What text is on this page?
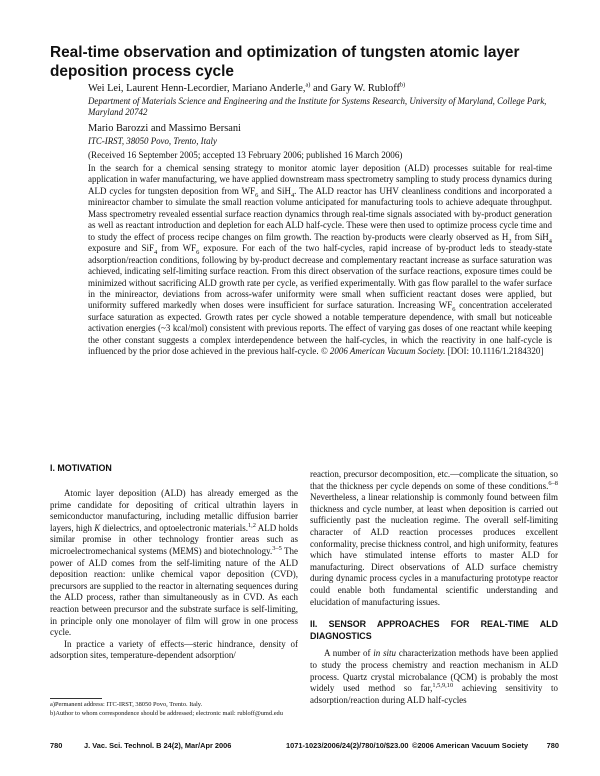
Real-time observation and optimization of tungsten atomic layer deposition process cycle
Wei Lei, Laurent Henn-Lecordier, Mariano Anderle,$^{a)}$ and Gary W. Rubloff$^{b)}$
Department of Materials Science and Engineering and the Institute for Systems Research, University of Maryland, College Park, Maryland 20742
Mario Barozzi and Massimo Bersani
ITC-IRST, 38050 Povo, Trento, Italy
(Received 16 September 2005; accepted 13 February 2006; published 16 March 2006)

In the search for a chemical sensing strategy to monitor atomic layer deposition (ALD) processes suitable for real-time application in wafer manufacturing, we have applied downstream mass spectrometry sampling to study process dynamics during ALD cycles for tungsten deposition from $WF_6$ and SiH$_4$. The ALD reactor has UHV cleanliness conditions and incorporated a minireactor chamber to simulate the small reaction volume anticipated for manufacturing tools to achieve adequate throughput. Mass spectrometry revealed essential surface reaction dynamics through real-time signals associated with by-product generation as well as reactant introduction and depletion for each ALD half-cycle. These were then used to optimize process cycle time and to study the effect of process recipe changes on film growth. The reaction by-products were clearly observed as $H_2$ from SiH$_4$ exposure and SiF$_4$ from $WF_6$ exposure. For each of the two half-cycles, rapid increase of by-product leds to steady-state adsorption/reaction conditions, following by by-product decrease and complementary reactant increase as surface saturation was achieved, indicating self-limiting surface reaction. From this direct observation of the surface reactions, exposure times could be minimized without sacrificing ALD growth rate per cycle, as verified experimentally. With gas flow parallel to the wafer surface in the minireactor, deviations from across-wafer uniformity were small when sufficient reactant doses were applied, but uniformity suffered markedly when doses were insufficient for surface saturation. Increasing $WF_6$ concentration accelerated surface saturation as expected. Growth rates per cycle showed a notable temperature dependence, with small but noticeable activation energies (~3 kcal/mol) consistent with previous reports. The effect of varying gas doses of one reactant while keeping the other constant suggests a complex interdependence between the half-cycles, in which the reactivity in one half-cycle is influenced by the prior dose achieved in the previous half-cycle. © 2006 American Vacuum Society. [DOI: 10.1116/1.2184320]

I. MOTIVATION

Atomic layer deposition (ALD) has already emerged as the prime candidate for depositing of critical ultrathin layers in semiconductor manufacturing, including metallic diffusion barrier layers, high K dielectrics, and optoelectronic materials.$^{1,2}$ ALD holds similar promise in other technology frontier areas such as microelectromechanical systems (MEMS) and biotechnology.$^{3-5}$ The power of ALD comes from the self-limiting nature of the ALD deposition reaction: unlike chemical vapor deposition (CVD), precursors are supplied to the reactor in alternating sequences during the ALD process, rather than simultaneously as in CVD. As each reaction between precursor and the substrate surface is self-limiting, in principle only one monolayer of film will grow in one process cycle.

In practice a variety of effects—steric hindrance, density of adsorption sites, temperature-dependent adsorption/

reaction, precursor decomposition, etc.—complicate the situation, so that the thickness per cycle depends on some of these conditions.$^{6-8}$ Nevertheless, a linear relationship is commonly found between film thickness and cycle number, at least when deposition is carried out sufficiently past the nucleation regime. The overall self-limiting character of ALD reaction processes produces excellent conformality, precise thickness control, and high uniformity, features which have stimulated intense efforts to master ALD for manufacturing. Direct observations of ALD surface chemistry during dynamic process cycles in a manufacturing prototype reactor could enable both fundamental scientific understanding and elucidation of manufacturing issues.

II. SENSOR APPROACHES FOR REAL-TIME ALD DIAGNOSTICS

A number of in situ characterization methods have been applied to study the process chemistry and reaction mechanism in ALD process. Quartz crystal microbalance (QCM) is probably the most widely used method so far,$^{1,5,9,10}$ achieving sensitivity to adsorption/reaction during ALD half-cycles

a)Permanent address: ITC-IRST, 38050 Povo, Trento. Italy.
b)Author to whom correspondence should be addressed; electronic mail: rubloff@umd.edu
780	J. Vac. Sci. Technol. B 24(2), Mar/Apr 2006	1071-1023/2006/24(2)/780/10/$23.00 ©2006 American Vacuum Society	780
